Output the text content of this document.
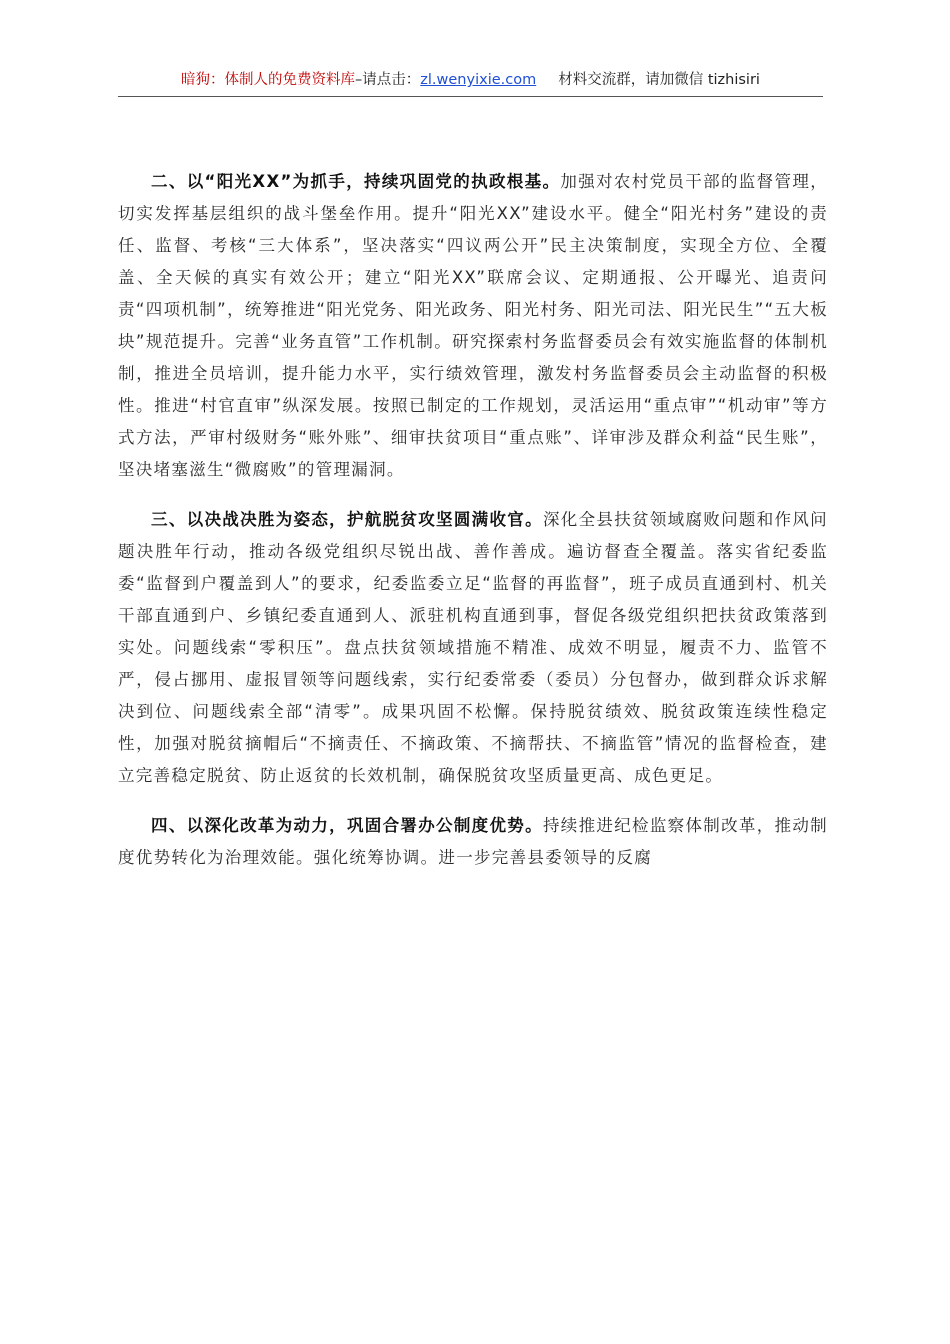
暗狗：体制人的免费资料库–请点击：zl.wenyixie.com 材料交流群，请加微信 tizhisiri

二、以“阳光XX”为抓手，持续巩固党的执政根基。加强对农村党员干部的监督管理，切实发挥基层组织的战斗堡垒作用。提升“阳光XX”建设水平。健全“阳光村务”建设的责任、监督、考核“三大体系”，坚决落实“四议两公开”民主决策制度，实现全方位、全覆盖、全天候的真实有效公开；建立“阳光XX”联席会议、定期通报、公开曝光、追责问责“四项机制”，统筹推进“阳光党务、阳光政务、阳光村务、阳光司法、阳光民生”“五大板块”规范提升。完善“业务直管”工作机制。研究探索村务监督委员会有效实施监督的体制机制，推进全员培训，提升能力水平，实行绩效管理，激发村务监督委员会主动监督的积极性。推进“村官直审”纵深发展。按照已制定的工作规划，灵活运用“重点审”“机动审”等方式方法，严审村级财务“账外账”、细审扶贫项目“重点账”、详审涉及群众利益“民生账”，坚决堵塞滋生“微腐败”的管理漏洞。

三、以决战决胜为姿态，护航脱贫攻坚圆满收官。深化全县扶贫领域腐败问题和作风问题决胜年行动，推动各级党组织尽锐出战、善作善成。遍访督查全覆盖。落实省纪委监委“监督到户覆盖到人”的要求，纪委监委立足“监督的再监督”，班子成员直通到村、机关干部直通到户、乡镇纪委直通到人、派驻机构直通到事，督促各级党组织把扶贫政策落到实处。问题线索“零积压”。盘点扶贫领域措施不精准、成效不明显，履责不力、监管不严，侵占挪用、虚报冒领等问题线索，实行纪委常委（委员）分包督办，做到群众诉求解决到位、问题线索全部“清零”。成果巩固不松懈。保持脱贫绩效、脱贫政策连续性稳定性，加强对脱贫摘帽后“不摘责任、不摘政策、不摘帮扶、不摘监管”情况的监督检查，建立完善稳定脱贫、防止返贫的长效机制，确保脱贫攻坚质量更高、成色更足。

四、以深化改革为动力，巩固合署办公制度优势。持续推进纪检监察体制改革，推动制度优势转化为治理效能。强化统筹协调。进一步完善县委领导的反腐
